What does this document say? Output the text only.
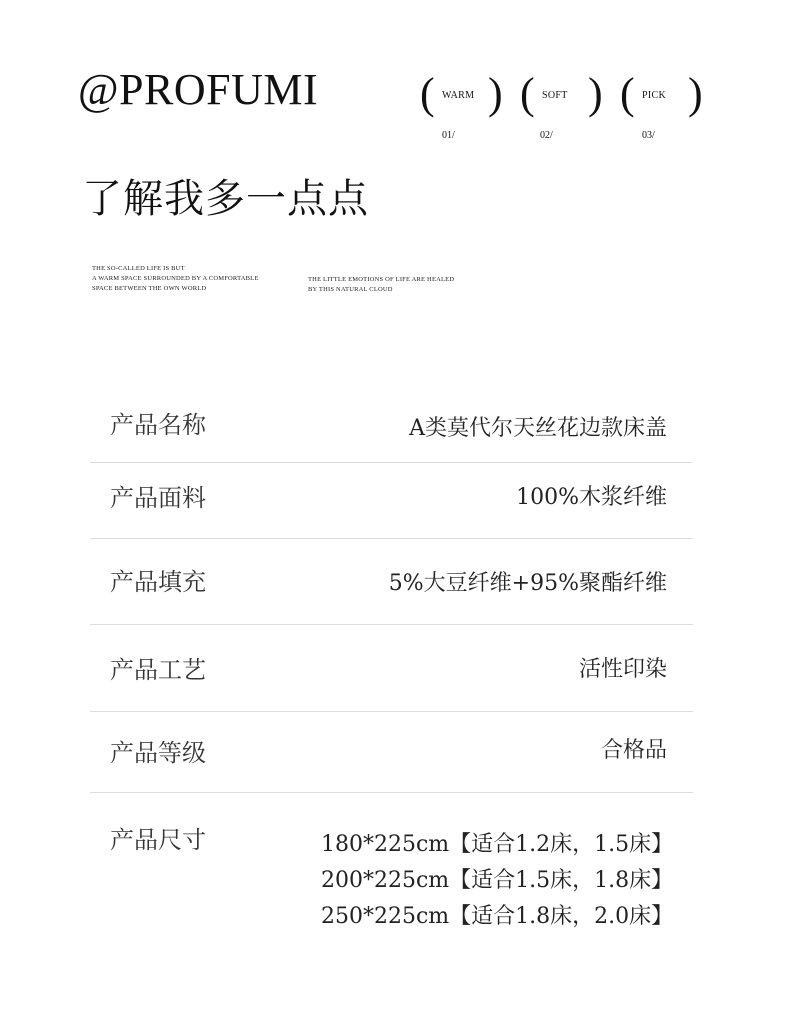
@PROFUMI ( WARM )
01/
( SOFT )
02/
( PICK )
03/
了解我多一点点
THE SO-CALLED LIFE IS BUT
A WARM SPACE SURROUNDED BY A COMFORTABLE
SPACE BETWEEN THE OWN WORLD
THE LITTLE EMOTIONS OF LIFE ARE HEALED
BY THIS NATURAL CLOUD
产品名称	A类莫代尔天丝花边款床盖
产品面料	100%木浆纤维
产品填充	5%大豆纤维+95%聚酯纤维
产品工艺	活性印染
产品等级	合格品
产品尺寸	180*225cm【适合1.2床，1.5床】
200*225cm【适合1.5床，1.8床】
250*225cm【适合1.8床，2.0床】
